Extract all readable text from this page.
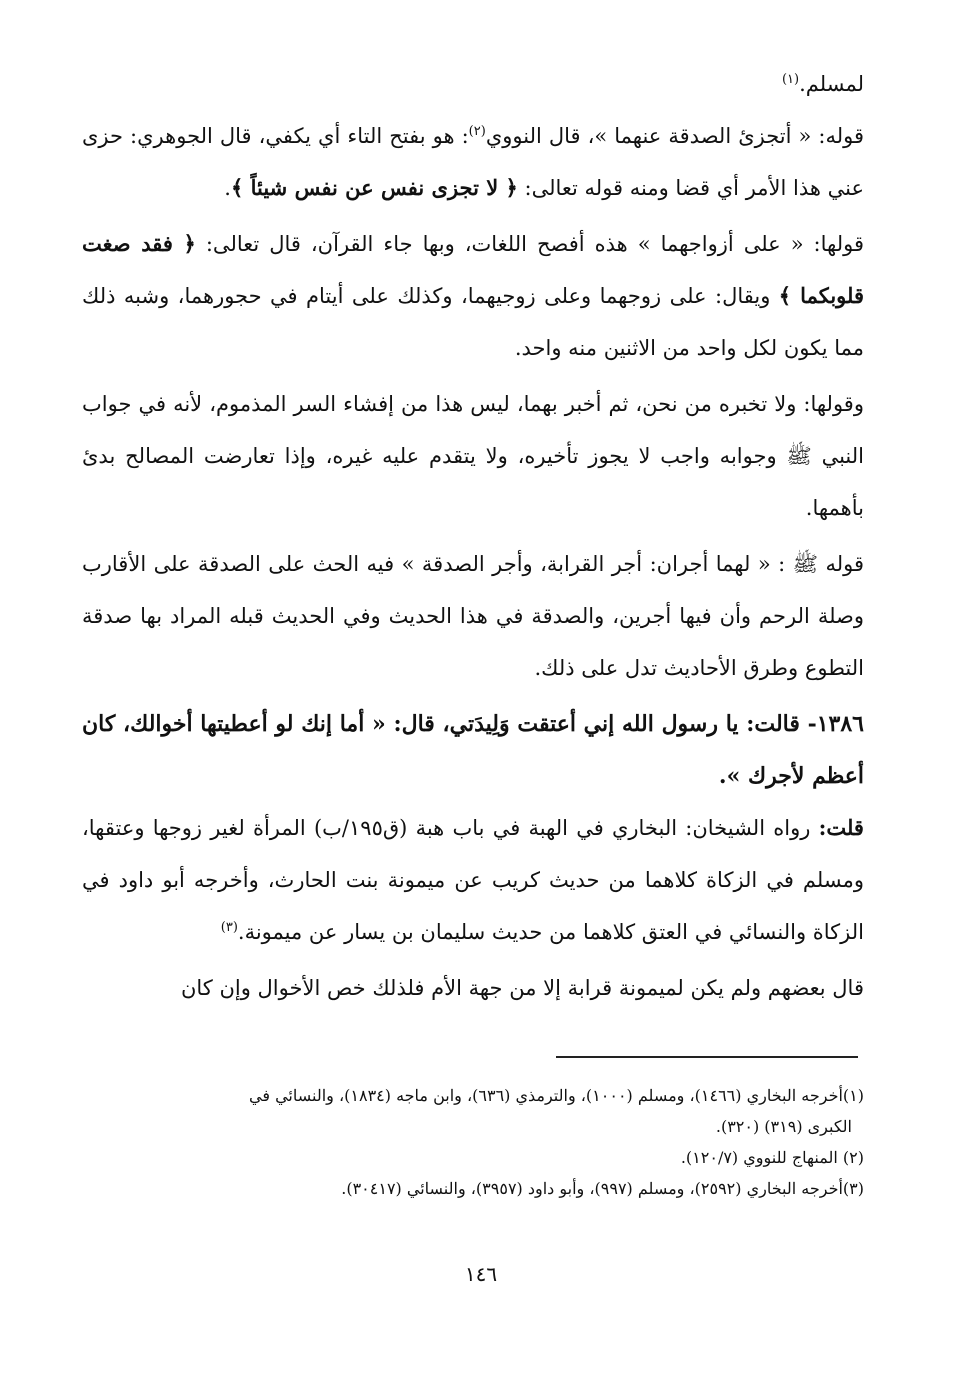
لمسلم.$^{(١)}$

قوله: « أتجزئ الصدقة عنهما »، قال النووي$^{(٢)}$: هو بفتح التاء أي يكفي، قال الجوهري: حزى عني هذا الأمر أي قضا ومنه قوله تعالى: ﴿ لا تجزى نفس عن نفس شيئاً ﴾.

قولها: « على أزواجهما » هذه أفصح اللغات، وبها جاء القرآن، قال تعالى: ﴿ فقد صغت قلوبكما ﴾ ويقال: على زوجهما وعلى زوجيهما، وكذلك على أيتام في حجورهما، وشبه ذلك مما يكون لكل واحد من الاثنين منه واحد.

وقولها: ولا تخبره من نحن، ثم أخبر بهما، ليس هذا من إفشاء السر المذموم، لأنه في جواب النبي ﷺ وجوابه واجب لا يجوز تأخيره، ولا يتقدم عليه غيره، وإذا تعارضت المصالح بدئ بأهمها.

قوله ﷺ : « لهما أجران: أجر القرابة، وأجر الصدقة » فيه الحث على الصدقة على الأقارب وصلة الرحم وأن فيها أجرين، والصدقة في هذا الحديث وفي الحديث قبله المراد بها صدقة التطوع وطرق الأحاديث تدل على ذلك.

١٣٨٦- قالت: يا رسول الله إني أعتقت وَلِيدَتي، قال: « أما إنك لو أعطيتها أخوالك، كان أعظم لأجرك ».

قلت: رواه الشيخان: البخاري في الهبة في باب هبة (ق١٩٥/ب) المرأة لغير زوجها وعتقها، ومسلم في الزكاة كلاهما من حديث كريب عن ميمونة بنت الحارث، وأخرجه أبو داود في الزكاة والنسائي في العتق كلاهما من حديث سليمان بن يسار عن ميمونة.$^{(٣)}$

قال بعضهم ولم يكن لميمونة قرابة إلا من جهة الأم فلذلك خص الأخوال وإن كان

(١)أخرجه البخاري (١٤٦٦)، ومسلم (١٠٠٠)، والترمذي (٦٣٦)، وابن ماجه (١٨٣٤)، والنسائي في

الكبرى (٣١٩) (٣٢٠).

(٢) المنهاج للنووي (١٢٠/٧).

(٣)أخرجه البخاري (٢٥٩٢)، ومسلم (٩٩٧)، وأبو داود (٣٩٥٧)، والنسائي (٣٠٤١٧).

١٤٦
